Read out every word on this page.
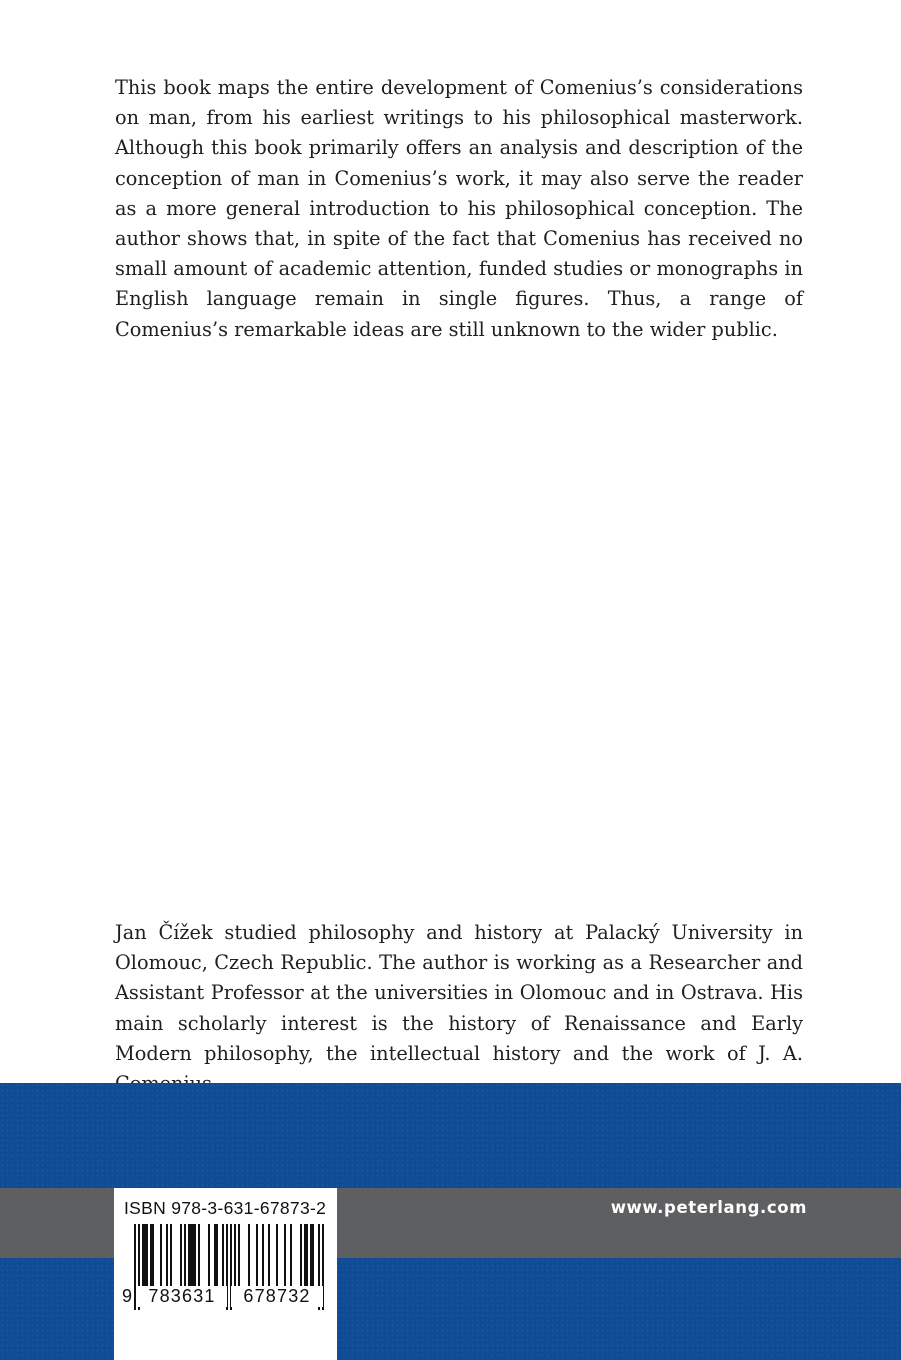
This book maps the entire development of Comenius’s considerations on man, from his earliest writings to his philosophical masterwork. Although this book primarily offers an analysis and description of the conception of man in Comenius’s work, it may also serve the reader as a more general introduction to his philosophical conception. The author shows that, in spite of the fact that Comenius has received no small amount of academic attention, funded studies or monographs in English language remain in single figures. Thus, a range of Comenius’s remarkable ideas are still unknown to the wider public.

Jan Čížek studied philosophy and history at Palacký University in Olomouc, Czech Republic. The author is working as a Researcher and Assistant Professor at the universities in Olomouc and in Ostrava. His main scholarly interest is the history of Renaissance and Early Modern philosophy, the intellectual history and the work of J. A.

www.peterlang.com
ISBN 978-3-631-67873-2
9 783631	678732
